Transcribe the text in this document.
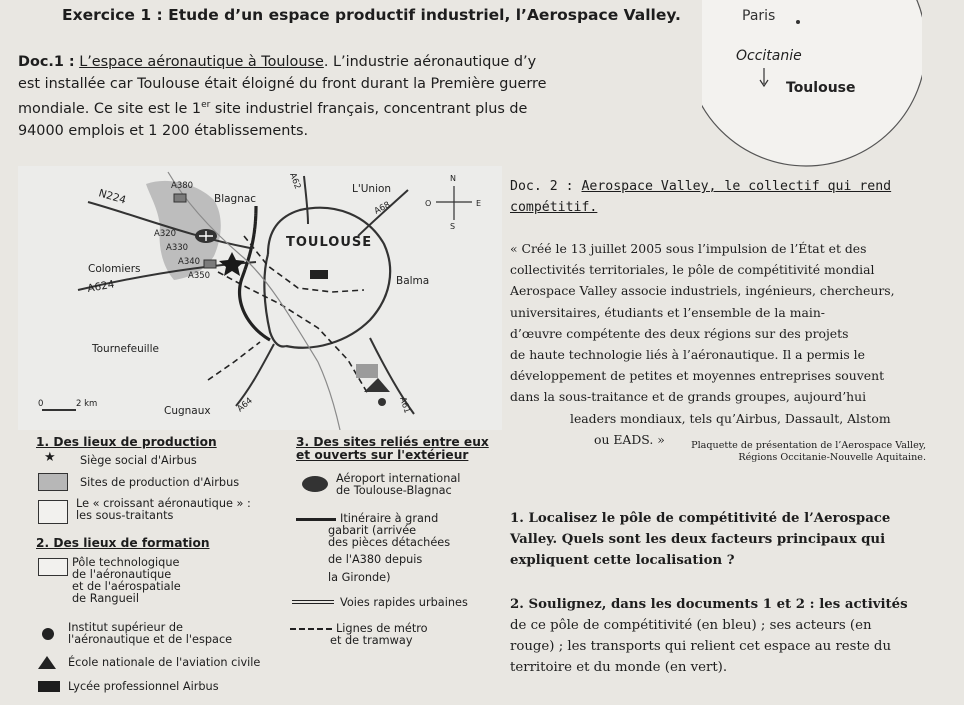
Exercice 1 : Etude d’un espace productif industriel, l’Aerospace Valley.
Doc.1 : L’espace aéronautique à Toulouse. L’industrie aéronautique d’y
est installée car Toulouse était éloigné du front durant la Première guerre
mondiale. Ce site est le 1er site industriel français, concentrant plus de
94000 emplois et 1 200 établissements.
Paris
Occitanie
Toulouse
N224
A380
Blagnac
A62	L'Union
A68
N
O	E
S
A320
A330
A340
A350
TOULOUSE
Colomiers
A624	Balma
Tournefeuille
0	2 km
Cugnaux	A64	A61
1. Des lieux de production
★ Siège social d'Airbus
Sites de production d'Airbus
Le « croissant aéronautique » :
les sous-traitants
2. Des lieux de formation
Pôle technologique
de l'aéronautique
et de l'aérospatiale
de Rangueil
Institut supérieur de
l'aéronautique et de l'espace
École nationale de l'aviation civile
Lycée professionnel Airbus
3. Des sites reliés entre eux
et ouverts sur l'extérieur
Aéroport international
de Toulouse-Blagnac
Itinéraire à grand
gabarit (arrivée
des pièces détachées
de l'A380 depuis
la Gironde)
Voies rapides urbaines
Lignes de métro
et de tramway
Doc. 2 : Aerospace Valley, le collectif qui rend
compétitif.
« Créé le 13 juillet 2005 sous l’impulsion de l’État et des
collectivités territoriales, le pôle de compétitivité mondial
Aerospace Valley associe industriels, ingénieurs, chercheurs,
universitaires, étudiants et l’ensemble de la main-
d’œuvre compétente des deux régions sur des projets
de haute technologie liés à l’aéronautique. Il a permis le
développement de petites et moyennes entreprises souvent
dans la sous-traitance et de grands groupes, aujourd’hui
leaders mondiaux, tels qu’Airbus, Dassault, Alstom
ou EADS. »	Plaquette de présentation de l’Aerospace Valley,
Régions Occitanie-Nouvelle Aquitaine.
1. Localisez le pôle de compétitivité de l’Aerospace
Valley. Quels sont les deux facteurs principaux qui
expliquent cette localisation ?
2. Soulignez, dans les documents 1 et 2 : les activités
de ce pôle de compétitivité (en bleu) ; ses acteurs (en
rouge) ; les transports qui relient cet espace au reste du
territoire et du monde (en vert).
